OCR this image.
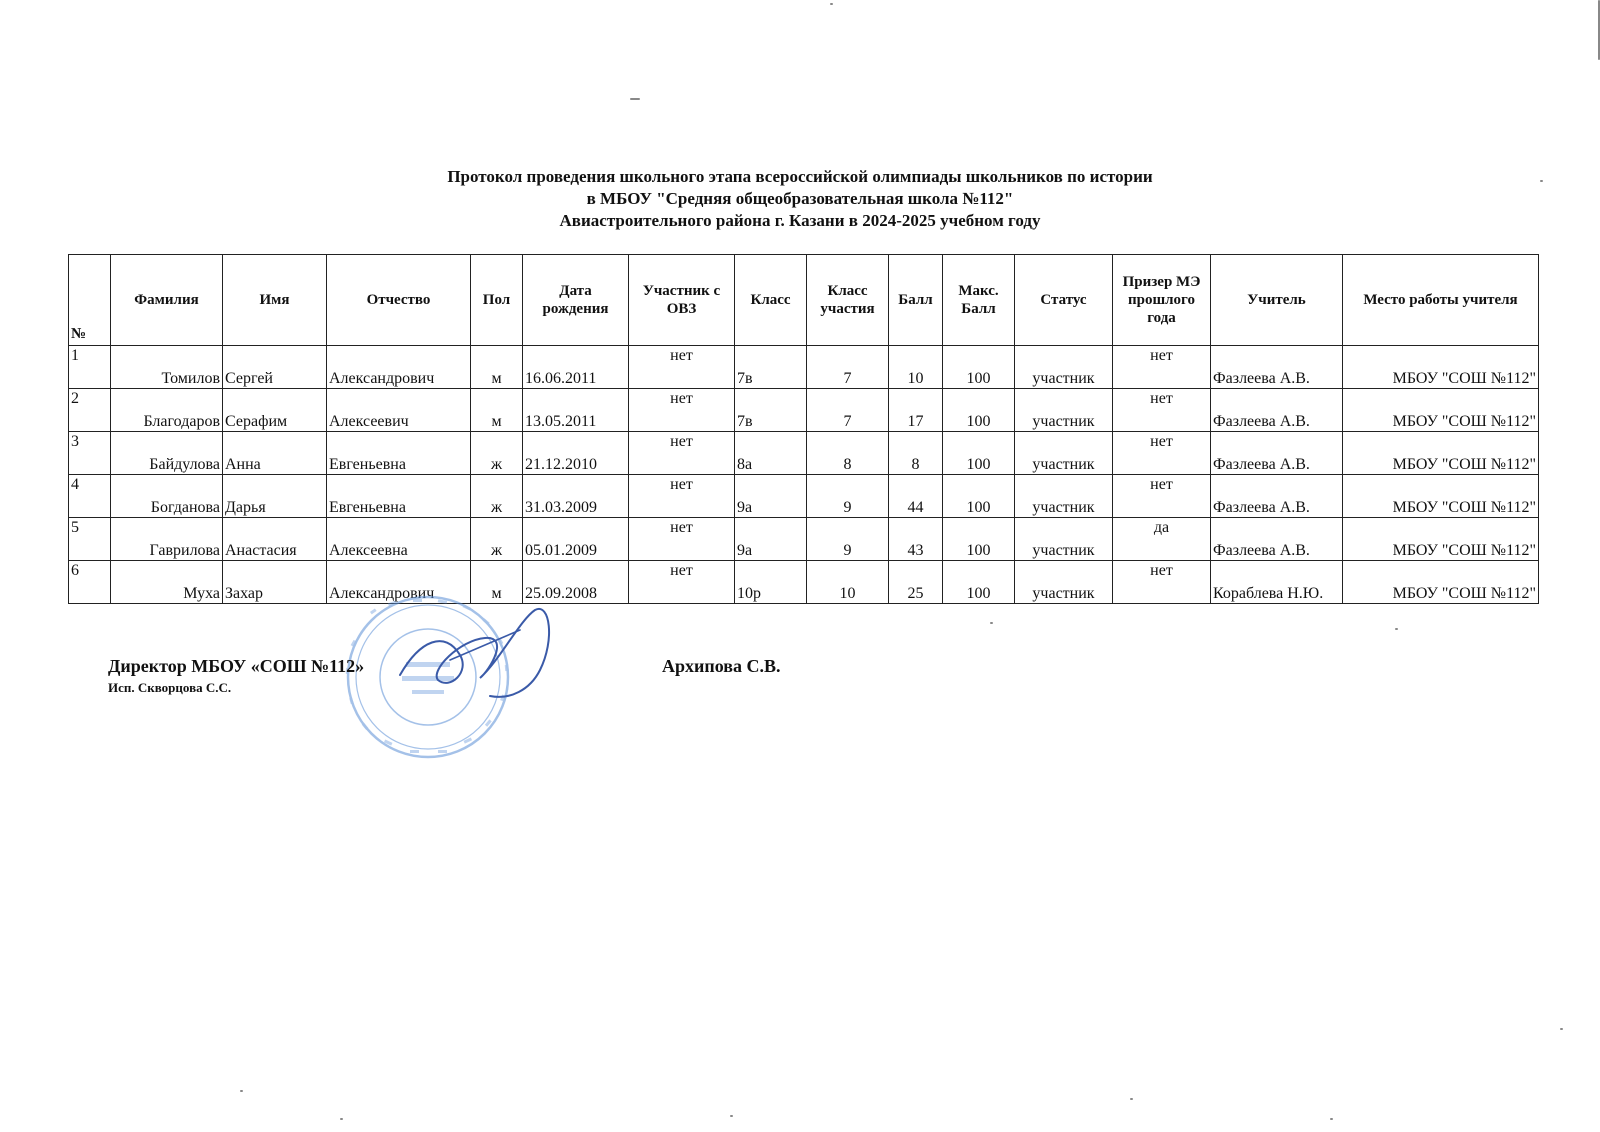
Протокол проведения школьного этапа всероссийской олимпиады школьников по истории
в МБОУ "Средняя общеобразовательная школа №112"
Авиастроительного района г. Казани в 2024-2025 учебном году
№	Фамилия	Имя	Отчество	Пол	Дата рождения	Участник с ОВЗ	Класс	Класс участия	Балл	Макс. Балл	Статус	Призер МЭ прошлого года	Учитель	Место работы учителя
1	Томилов	Сергей	Александрович	м	16.06.2011	нет	7в	7	10	100	участник	нет	Фазлеева А.В.	МБОУ "СОШ №112"
2	Благодаров	Серафим	Алексеевич	м	13.05.2011	нет	7в	7	17	100	участник	нет	Фазлеева А.В.	МБОУ "СОШ №112"
3	Байдулова	Анна	Евгеньевна	ж	21.12.2010	нет	8а	8	8	100	участник	нет	Фазлеева А.В.	МБОУ "СОШ №112"
4	Богданова	Дарья	Евгеньевна	ж	31.03.2009	нет	9а	9	44	100	участник	нет	Фазлеева А.В.	МБОУ "СОШ №112"
5	Гаврилова	Анастасия	Алексеевна	ж	05.01.2009	нет	9а	9	43	100	участник	да	Фазлеева А.В.	МБОУ "СОШ №112"
6	Муха	Захар	Александрович	м	25.09.2008	нет	10р	10	25	100	участник	нет	Кораблева Н.Ю.	МБОУ "СОШ №112"
Директор МБОУ «СОШ №112»	Архипова С.В.
Исп. Скворцова С.С.
